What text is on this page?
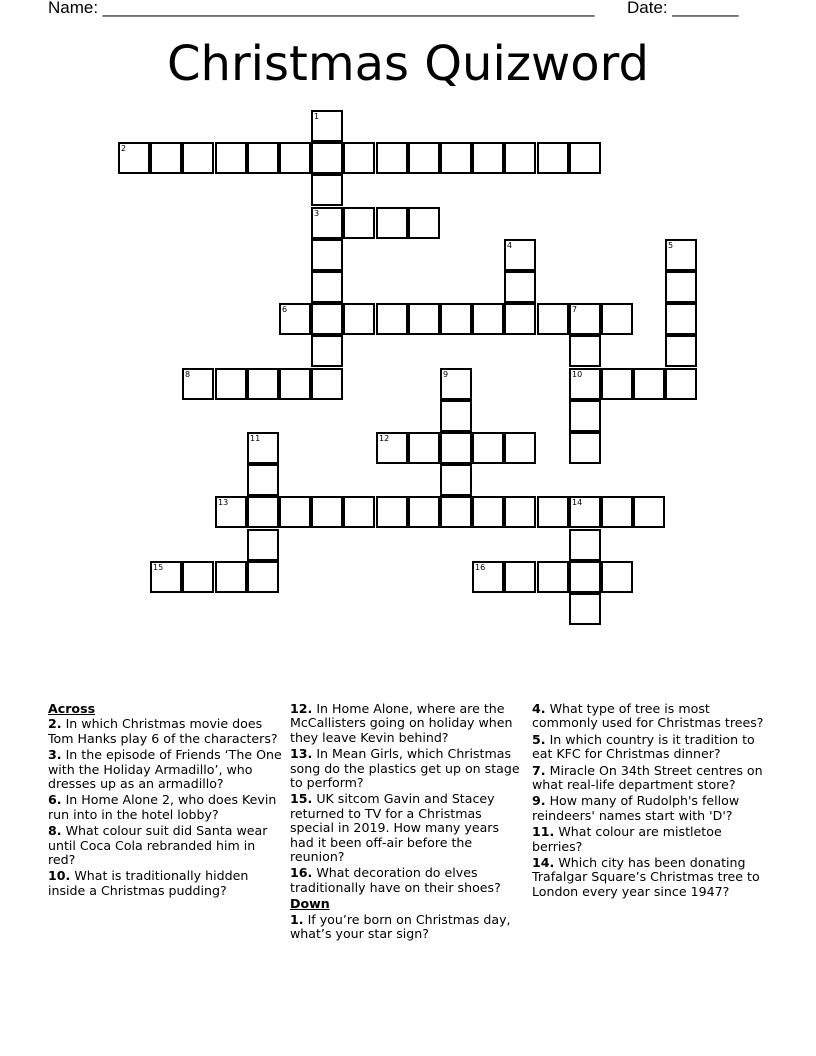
Name: ____________________________________________________ Date: _______
Christmas Quizword
1
3
2
4	5
6	7
10
8	9
11	12
13	14
15	16
Across
2. In which Christmas movie does Tom Hanks play 6 of the characters?
3. In the episode of Friends ‘The One with the Holiday Armadillo’, who dresses up as an armadillo?
6. In Home Alone 2, who does Kevin run into in the hotel lobby?
8. What colour suit did Santa wear until Coca Cola rebranded him in red?
10. What is traditionally hidden inside a Christmas pudding?
12. In Home Alone, where are the McCallisters going on holiday when they leave Kevin behind?
13. In Mean Girls, which Christmas song do the plastics get up on stage to perform?
15. UK sitcom Gavin and Stacey returned to TV for a Christmas special in 2019. How many years had it been off-air before the reunion?
16. What decoration do elves traditionally have on their shoes?
Down
1. If you’re born on Christmas day, what’s your star sign?
4. What type of tree is most commonly used for Christmas trees?
5. In which country is it tradition to eat KFC for Christmas dinner?
7. Miracle On 34th Street centres on what real-life department store?
9. How many of Rudolph's fellow reindeers' names start with 'D'?
11. What colour are mistletoe berries?
14. Which city has been donating Trafalgar Square’s Christmas tree to London every year since 1947?
